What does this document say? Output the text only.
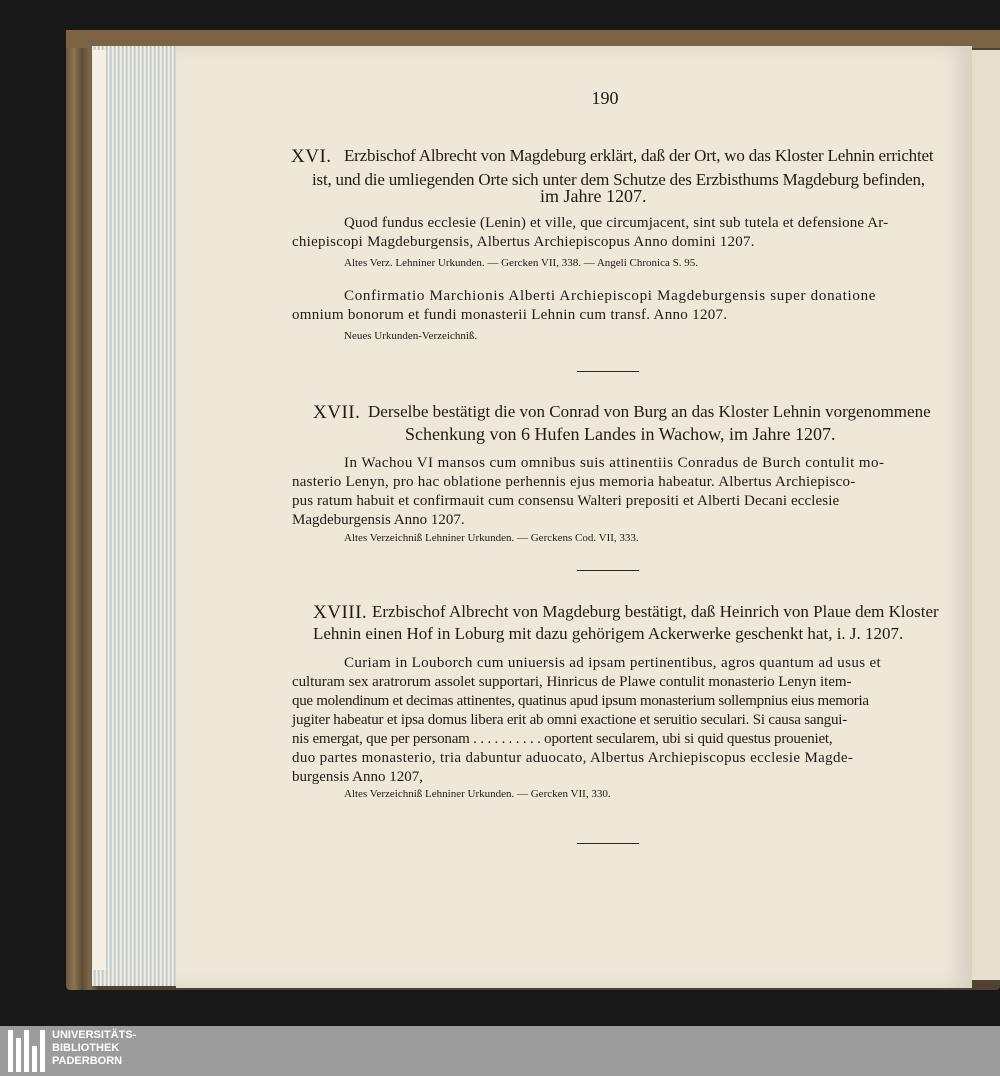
190
XVI. Erzbischof Albrecht von Magdeburg erklärt, daß der Ort, wo das Kloster Lehnin errichtet
ist, und die umliegenden Orte sich unter dem Schutze des Erzbisthums Magdeburg befinden,
im Jahre 1207.
Quod fundus ecclesie (Lenin) et ville, que circumjacent, sint sub tutela et defensione Ar-
chiepiscopi Magdeburgensis, Albertus Archiepiscopus Anno domini 1207.
Altes Verz. Lehniner Urkunden. — Gercken VII, 338. — Angeli Chronica S. 95.
Confirmatio Marchionis Alberti Archiepiscopi Magdeburgensis super donatione
omnium bonorum et fundi monasterii Lehnin cum transf. Anno 1207.
Neues Urkunden-Verzeichniß.
XVII. Derselbe bestätigt die von Conrad von Burg an das Kloster Lehnin vorgenommene
Schenkung von 6 Hufen Landes in Wachow, im Jahre 1207.
In Wachou VI mansos cum omnibus suis attinentiis Conradus de Burch contulit mo-
nasterio Lenyn, pro hac oblatione perhennis ejus memoria habeatur. Albertus Archiepisco-
pus ratum habuit et confirmauit cum consensu Walteri prepositi et Alberti Decani ecclesie
Magdeburgensis Anno 1207.
Altes Verzeichniß Lehniner Urkunden. — Gerckens Cod. VII, 333.
XVIII. Erzbischof Albrecht von Magdeburg bestätigt, daß Heinrich von Plaue dem Kloster
Lehnin einen Hof in Loburg mit dazu gehörigem Ackerwerke geschenkt hat, i. J. 1207.
Curiam in Louborch cum uniuersis ad ipsam pertinentibus, agros quantum ad usus et
culturam sex aratrorum assolet supportari, Hinricus de Plawe contulit monasterio Lenyn item-
que molendinum et decimas attinentes, quatinus apud ipsum monasterium sollempnius eius memoria
jugiter habeatur et ipsa domus libera erit ab omni exactione et seruitio seculari. Si causa sangui-
nis emergat, que per personam . . . . . . . . . . oportent secularem, ubi si quid questus proueniet,
duo partes monasterio, tria dabuntur aduocato, Albertus Archiepiscopus ecclesie Magde-
burgensis Anno 1207,
Altes Verzeichniß Lehniner Urkunden. — Gercken VII, 330.
UNIVERSITÄTS-
BIBLIOTHEK
PADERBORN
